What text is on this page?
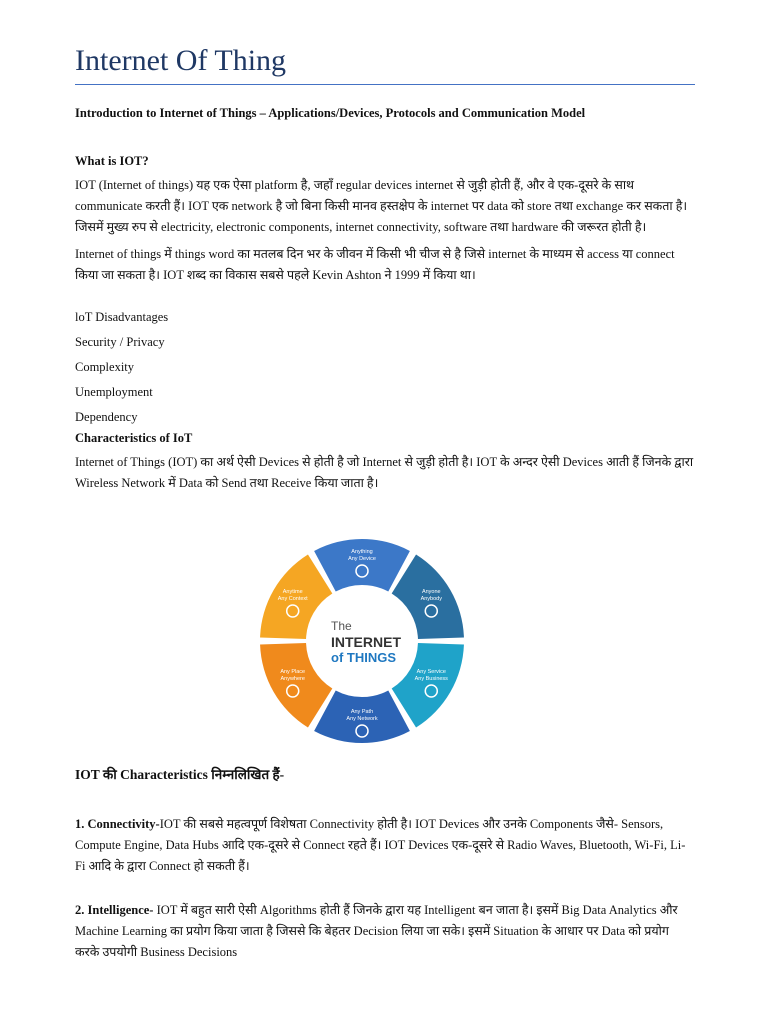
Internet Of Thing

Introduction to Internet of Things – Applications/Devices, Protocols and Communication Model

What is IOT?

IOT (Internet of things) यह एक ऐसा platform है, जहाँ regular devices internet से जुड़ी होती हैं, और वे एक-दूसरे के साथ communicate करती हैं। IOT एक network है जो बिना किसी मानव हस्तक्षेप के internet पर data को store तथा exchange कर सकता है। जिसमें मुख्य रुप से electricity, electronic components, internet connectivity, software तथा hardware की जरूरत होती है।

Internet of things में things word का मतलब दिन भर के जीवन में किसी भी चीज से है जिसे internet के माध्यम से access या connect किया जा सकता है। IOT शब्द का विकास सबसे पहले Kevin Ashton ने 1999 में किया था।

loT Disadvantages

Security / Privacy

Complexity

Unemployment

Dependency

Characteristics of IoT

Internet of Things (IOT) का अर्थ ऐसी Devices से होती है जो Internet से जुड़ी होती है। IOT के अन्दर ऐसी Devices आती हैं जिनके द्वारा Wireless Network में Data को Send तथा Receive किया जाता है।

Anything
Any Device
Anyone
Anybody
Any Service
Any Business
Any Path
Any Network
Any Place
Anywhere
Anytime
Any Context
The
INTERNET
of THINGS

IOT की Characteristics निम्नलिखित हैं-

1. Connectivity-IOT की सबसे महत्वपूर्ण विशेषता Connectivity होती है। IOT Devices और उनके Components जैसे- Sensors, Compute Engine, Data Hubs आदि एक-दूसरे से Connect रहते हैं। IOT Devices एक-दूसरे से Radio Waves, Bluetooth, Wi-Fi, Li-Fi आदि के द्वारा Connect हो सकती हैं।

2. Intelligence- IOT में बहुत सारी ऐसी Algorithms होती हैं जिनके द्वारा यह Intelligent बन जाता है। इसमें Big Data Analytics और Machine Learning का प्रयोग किया जाता है जिससे कि बेहतर Decision लिया जा सके। इसमें Situation के आधार पर Data को प्रयोग करके उपयोगी Business Decisions
